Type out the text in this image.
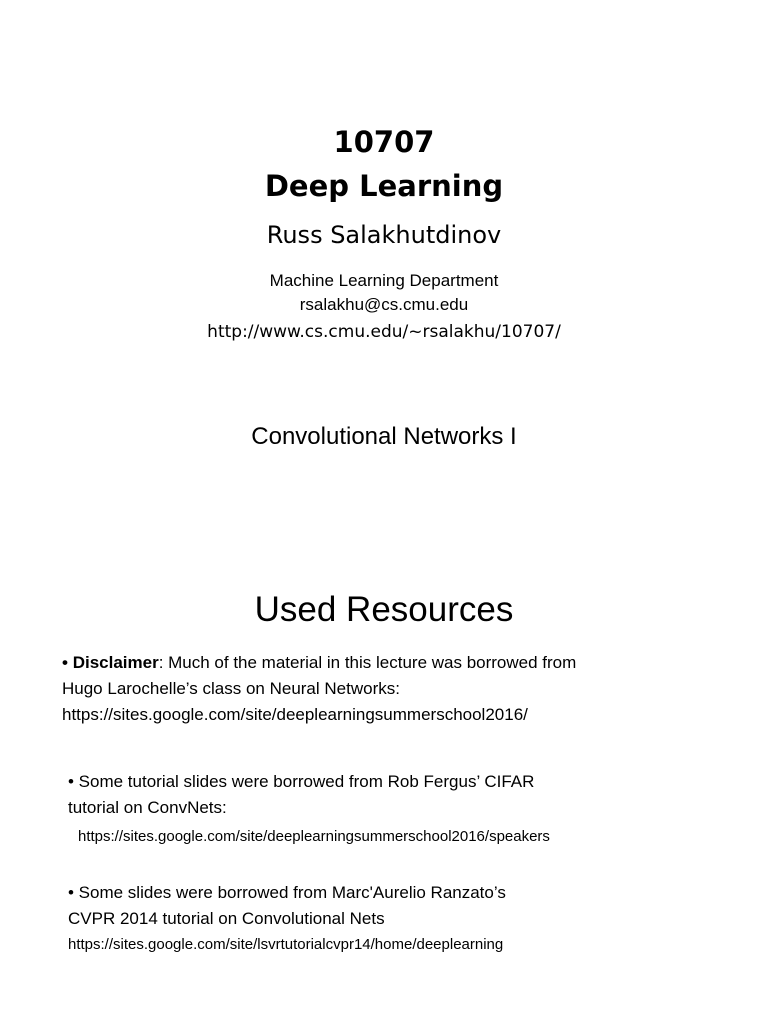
10707
Deep Learning
Russ Salakhutdinov
Machine Learning Department
rsalakhu@cs.cmu.edu
http://www.cs.cmu.edu/~rsalakhu/10707/
Convolutional Networks I
Used Resources
• Disclaimer: Much of the material in this lecture was borrowed from
Hugo Larochelle’s class on Neural Networks:
https://sites.google.com/site/deeplearningsummerschool2016/
• Some tutorial slides were borrowed from Rob Fergus’ CIFAR
tutorial on ConvNets:
https://sites.google.com/site/deeplearningsummerschool2016/speakers
• Some slides were borrowed from Marc'Aurelio Ranzato’s
CVPR 2014 tutorial on Convolutional Nets
https://sites.google.com/site/lsvrtutorialcvpr14/home/deeplearning
